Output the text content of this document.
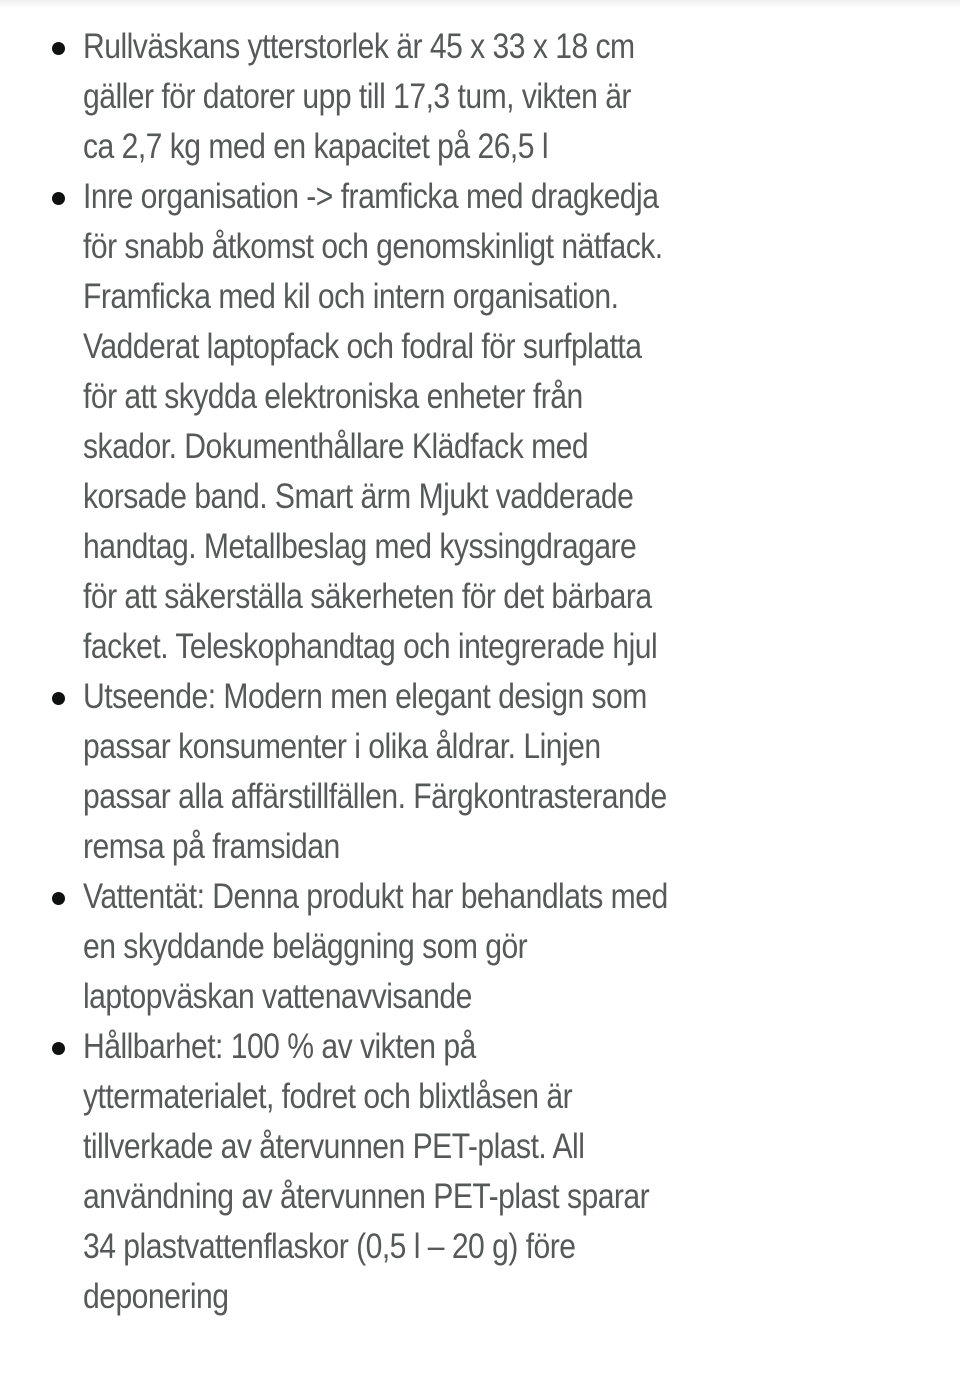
Rullväskans ytterstorlek är 45 x 33 x 18 cm
gäller för datorer upp till 17,3 tum, vikten är
ca 2,7 kg med en kapacitet på 26,5 l
Inre organisation -> framficka med dragkedja
för snabb åtkomst och genomskinligt nätfack.
Framficka med kil och intern organisation.
Vadderat laptopfack och fodral för surfplatta
för att skydda elektroniska enheter från
skador. Dokumenthållare Klädfack med
korsade band. Smart ärm Mjukt vadderade
handtag. Metallbeslag med kyssingdragare
för att säkerställa säkerheten för det bärbara
facket. Teleskophandtag och integrerade hjul
Utseende: Modern men elegant design som
passar konsumenter i olika åldrar. Linjen
passar alla affärstillfällen. Färgkontrasterande
remsa på framsidan
Vattentät: Denna produkt har behandlats med
en skyddande beläggning som gör
laptopväskan vattenavvisande
Hållbarhet: 100 % av vikten på
yttermaterialet, fodret och blixtlåsen är
tillverkade av återvunnen PET-plast. All
användning av återvunnen PET-plast sparar
34 plastvattenflaskor (0,5 l – 20 g) före
deponering
